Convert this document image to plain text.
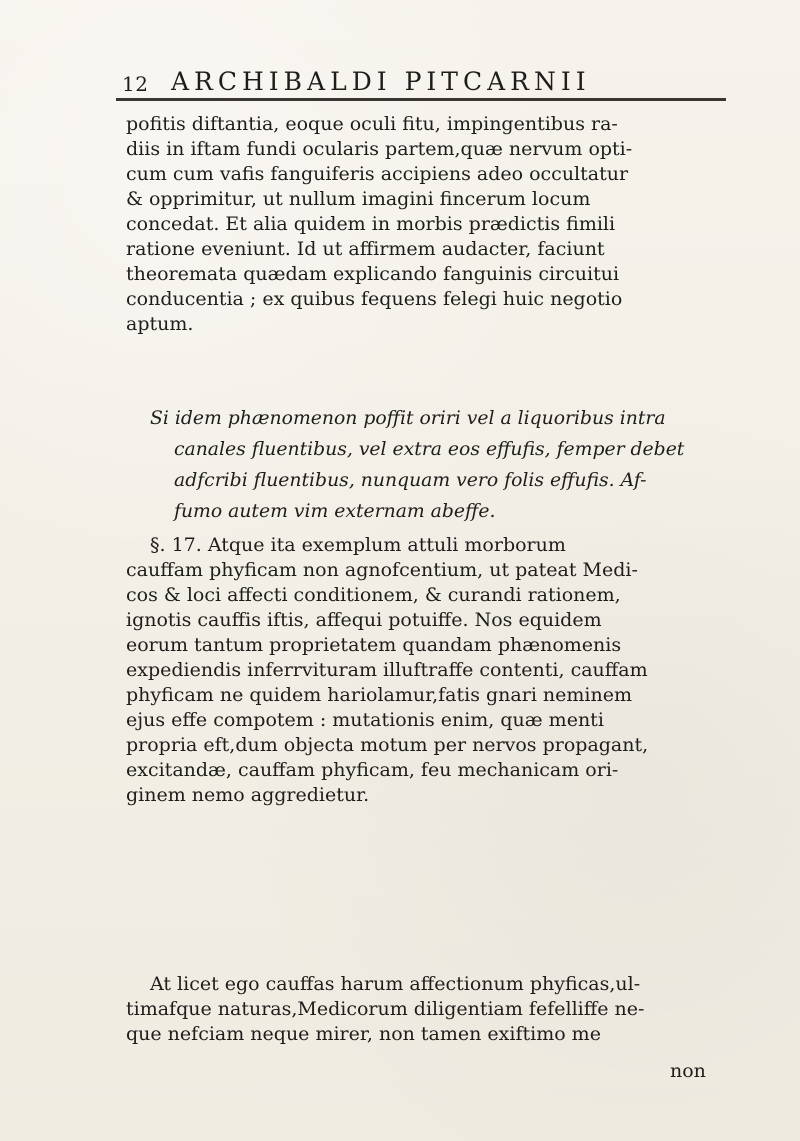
12 ARCHIBALDI PITCARNII
pofitis diftantia, eoque oculi fitu, impingentibus ra-
diis in iftam fundi ocularis partem,quæ nervum opti-
cum cum vafis fanguiferis accipiens adeo occultatur
& opprimitur, ut nullum imagini fincerum locum
concedat. Et alia quidem in morbis prædictis fimili
ratione eveniunt. Id ut affirmem audacter, faciunt
theoremata quædam explicando fanguinis circuitui
conducentia ; ex quibus fequens felegi huic negotio
aptum.
Si idem phænomenon poffit oriri vel a liquoribus intra
canales fluentibus, vel extra eos effufis, femper debet
adfcribi fluentibus, nunquam vero folis effufis. Af-
fumo autem vim externam abeffe.
§. 17. Atque ita exemplum attuli morborum
cauffam phyficam non agnofcentium, ut pateat Medi-
cos & loci affecti conditionem, & curandi rationem,
ignotis cauffis iftis, affequi potuiffe. Nos equidem
eorum tantum proprietatem quandam phænomenis
expediendis inferrvituram illuftraffe contenti, cauffam
phyficam ne quidem hariolamur,fatis gnari neminem
ejus effe compotem : mutationis enim, quæ menti
propria eft,dum objecta motum per nervos propagant,
excitandæ, cauffam phyficam, feu mechanicam ori-
ginem nemo aggredietur.
At licet ego cauffas harum affectionum phyficas,ul-
timafque naturas,Medicorum diligentiam fefelliffe ne-
que nefciam neque mirer, non tamen exiftimo me
non
